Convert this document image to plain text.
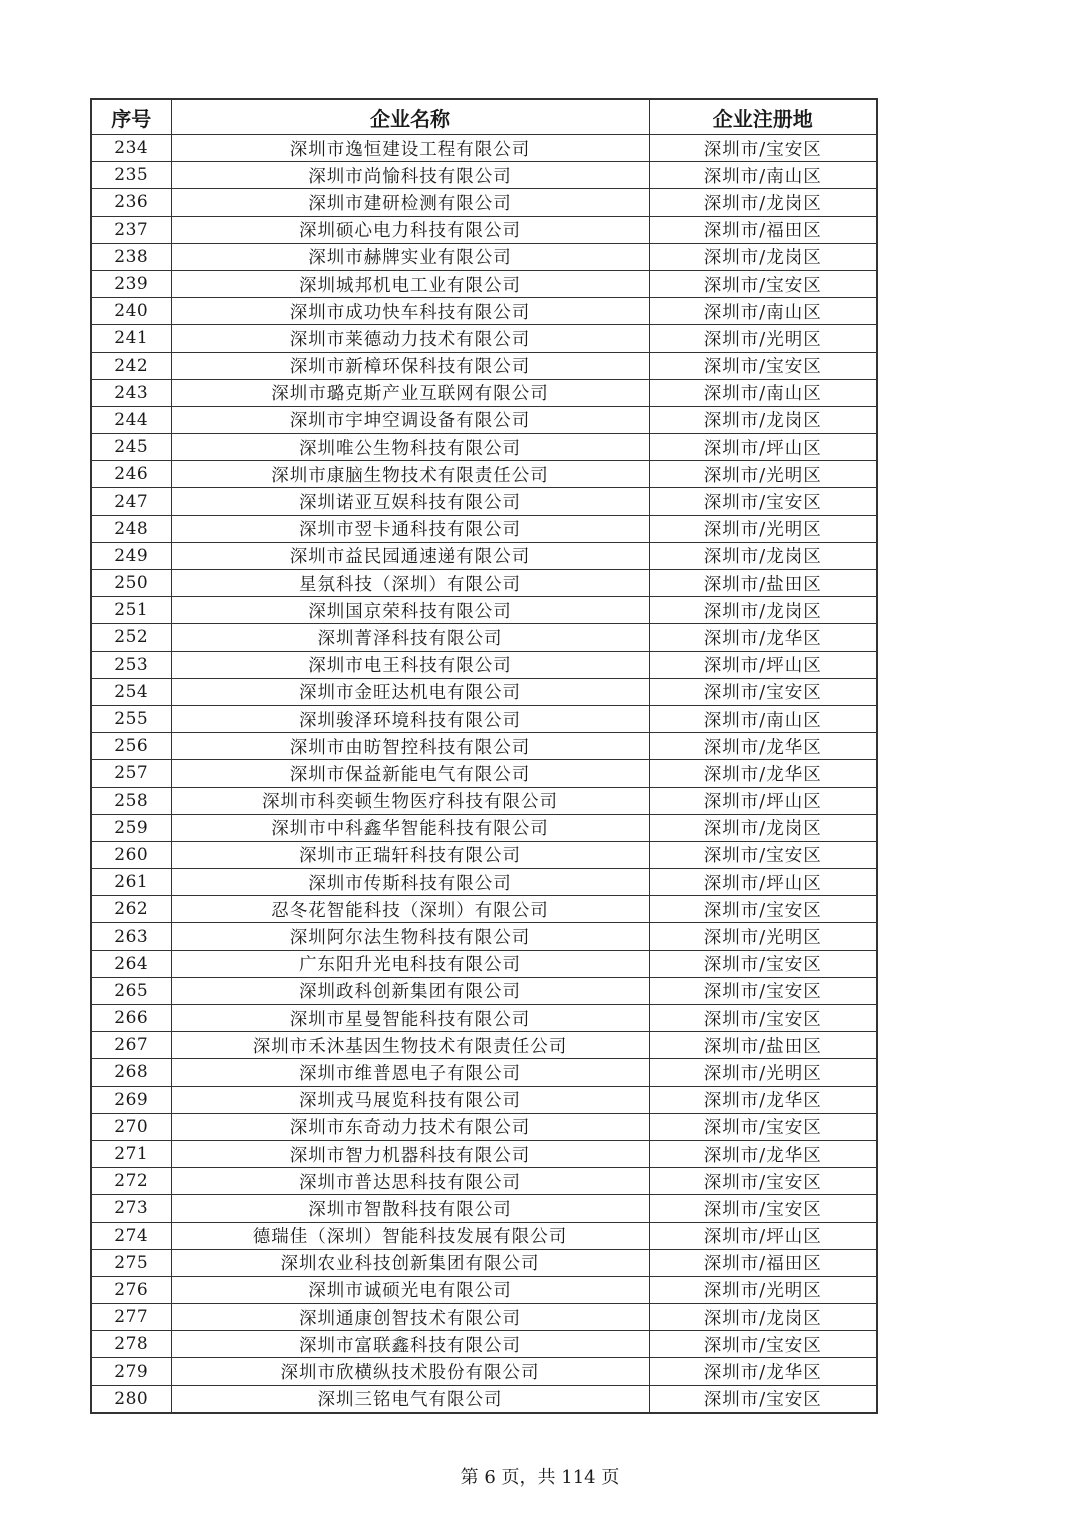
序号	企业名称	企业注册地
234	深圳市逸恒建设工程有限公司	深圳市/宝安区
235	深圳市尚愉科技有限公司	深圳市/南山区
236	深圳市建研检测有限公司	深圳市/龙岗区
237	深圳硕心电力科技有限公司	深圳市/福田区
238	深圳市赫牌实业有限公司	深圳市/龙岗区
239	深圳城邦机电工业有限公司	深圳市/宝安区
240	深圳市成功快车科技有限公司	深圳市/南山区
241	深圳市莱德动力技术有限公司	深圳市/光明区
242	深圳市新樟环保科技有限公司	深圳市/宝安区
243	深圳市璐克斯产业互联网有限公司	深圳市/南山区
244	深圳市宇坤空调设备有限公司	深圳市/龙岗区
245	深圳唯公生物科技有限公司	深圳市/坪山区
246	深圳市康脑生物技术有限责任公司	深圳市/光明区
247	深圳诺亚互娱科技有限公司	深圳市/宝安区
248	深圳市翌卡通科技有限公司	深圳市/光明区
249	深圳市益民园通速递有限公司	深圳市/龙岗区
250	星氛科技（深圳）有限公司	深圳市/盐田区
251	深圳国京荣科技有限公司	深圳市/龙岗区
252	深圳菁泽科技有限公司	深圳市/龙华区
253	深圳市电王科技有限公司	深圳市/坪山区
254	深圳市金旺达机电有限公司	深圳市/宝安区
255	深圳骏泽环境科技有限公司	深圳市/南山区
256	深圳市由昉智控科技有限公司	深圳市/龙华区
257	深圳市保益新能电气有限公司	深圳市/龙华区
258	深圳市科奕顿生物医疗科技有限公司	深圳市/坪山区
259	深圳市中科鑫华智能科技有限公司	深圳市/龙岗区
260	深圳市正瑞轩科技有限公司	深圳市/宝安区
261	深圳市传斯科技有限公司	深圳市/坪山区
262	忍冬花智能科技（深圳）有限公司	深圳市/宝安区
263	深圳阿尔法生物科技有限公司	深圳市/光明区
264	广东阳升光电科技有限公司	深圳市/宝安区
265	深圳政科创新集团有限公司	深圳市/宝安区
266	深圳市星曼智能科技有限公司	深圳市/宝安区
267	深圳市禾沐基因生物技术有限责任公司	深圳市/盐田区
268	深圳市维普恩电子有限公司	深圳市/光明区
269	深圳戎马展览科技有限公司	深圳市/龙华区
270	深圳市东奇动力技术有限公司	深圳市/宝安区
271	深圳市智力机器科技有限公司	深圳市/龙华区
272	深圳市普达思科技有限公司	深圳市/宝安区
273	深圳市智散科技有限公司	深圳市/宝安区
274	德瑞佳（深圳）智能科技发展有限公司	深圳市/坪山区
275	深圳农业科技创新集团有限公司	深圳市/福田区
276	深圳市诚硕光电有限公司	深圳市/光明区
277	深圳通康创智技术有限公司	深圳市/龙岗区
278	深圳市富联鑫科技有限公司	深圳市/宝安区
279	深圳市欣横纵技术股份有限公司	深圳市/龙华区
280	深圳三铭电气有限公司	深圳市/宝安区
第 6 页，共 114 页
